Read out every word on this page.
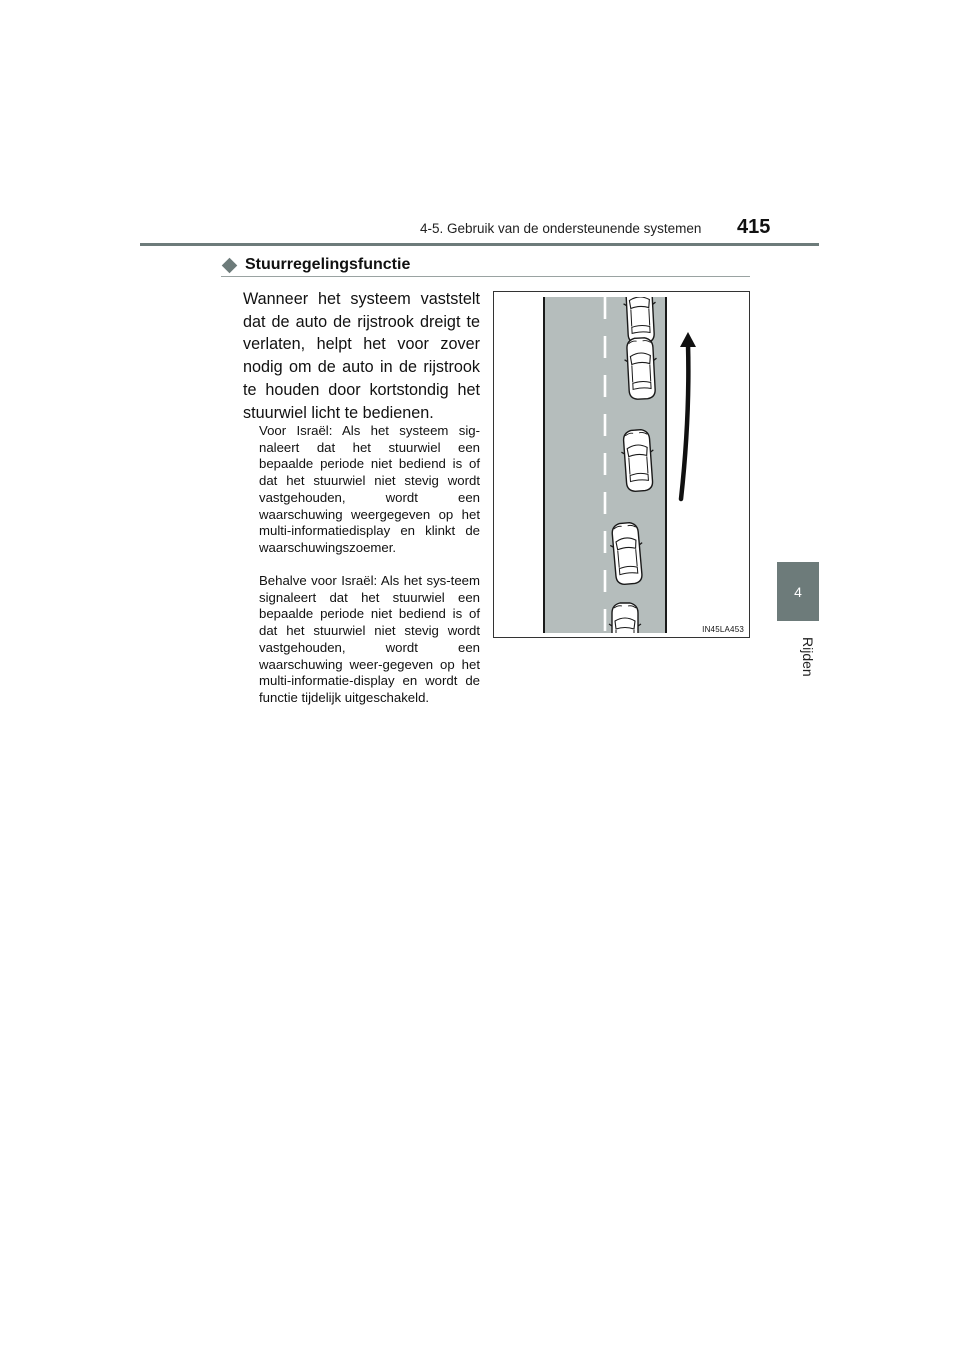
4-5. Gebruik van de ondersteunende systemen 415
4
Rijden
Stuurregelingsfunctie
Wanneer het systeem vaststelt dat de auto de rijstrook dreigt te verlaten, helpt het voor zover nodig om de auto in de rijstrook te houden door kortstondig het stuurwiel licht te bedienen.
Voor Israël: Als het systeem sig-naleert dat het stuurwiel een bepaalde periode niet bediend is of dat het stuurwiel niet stevig wordt vastgehouden, wordt een waarschuwing weergegeven op het multi-informatiedisplay en klinkt de waarschuwingszoemer.
Behalve voor Israël: Als het sys-teem signaleert dat het stuurwiel een bepaalde periode niet bediend is of dat het stuurwiel niet stevig wordt vastgehouden, wordt een waarschuwing weer-gegeven op het multi-informatie-display en wordt de functie tijdelijk uitgeschakeld.
IN45LA453
